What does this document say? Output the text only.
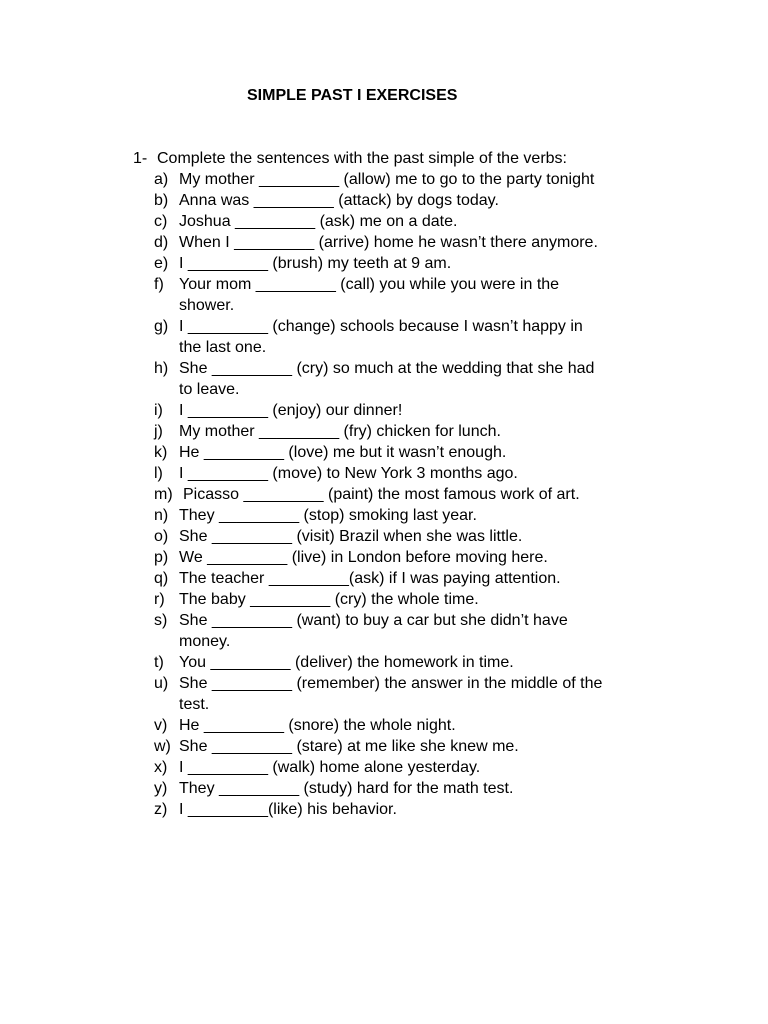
SIMPLE PAST I EXERCISES
1- Complete the sentences with the past simple of the verbs:
a) My mother _________ (allow) me to go to the party tonight
b) Anna was _________ (attack) by dogs today.
c) Joshua _________ (ask) me on a date.
d) When I _________ (arrive) home he wasn’t there anymore.
e) I _________ (brush) my teeth at 9 am.
f) Your mom _________ (call) you while you were in the
shower.
g) I _________ (change) schools because I wasn’t happy in
the last one.
h) She _________ (cry) so much at the wedding that she had
to leave.
i) I _________ (enjoy) our dinner!
j) My mother _________ (fry) chicken for lunch.
k) He _________ (love) me but it wasn’t enough.
l) I _________ (move) to New York 3 months ago.
m) Picasso _________ (paint) the most famous work of art.
n) They _________ (stop) smoking last year.
o) She _________ (visit) Brazil when she was little.
p) We _________ (live) in London before moving here.
q) The teacher _________(ask) if I was paying attention.
r) The baby _________ (cry) the whole time.
s) She _________ (want) to buy a car but she didn’t have
money.
t) You _________ (deliver) the homework in time.
u) She _________ (remember) the answer in the middle of the
test.
v) He _________ (snore) the whole night.
w) She _________ (stare) at me like she knew me.
x) I _________ (walk) home alone yesterday.
y) They _________ (study) hard for the math test.
z) I _________(like) his behavior.
